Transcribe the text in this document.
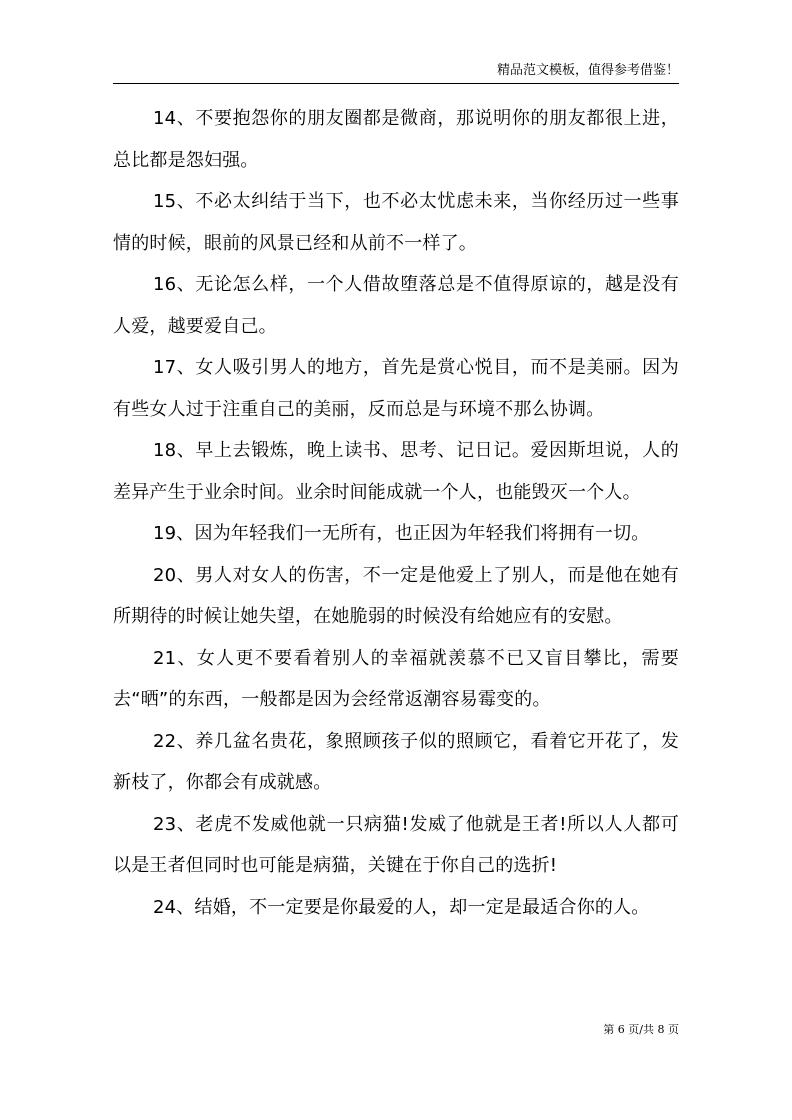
精品范文模板，值得参考借鉴！

14、不要抱怨你的朋友圈都是微商，那说明你的朋友都很上进，总比都是怨妇强。

15、不必太纠结于当下，也不必太忧虑未来，当你经历过一些事情的时候，眼前的风景已经和从前不一样了。

16、无论怎么样，一个人借故堕落总是不值得原谅的，越是没有人爱，越要爱自己。

17、女人吸引男人的地方，首先是赏心悦目，而不是美丽。因为有些女人过于注重自己的美丽，反而总是与环境不那么协调。

18、早上去锻炼，晚上读书、思考、记日记。爱因斯坦说，人的差异产生于业余时间。业余时间能成就一个人，也能毁灭一个人。

19、因为年轻我们一无所有，也正因为年轻我们将拥有一切。

20、男人对女人的伤害，不一定是他爱上了别人，而是他在她有所期待的时候让她失望，在她脆弱的时候没有给她应有的安慰。

21、女人更不要看着别人的幸福就羡慕不已又盲目攀比，需要去“晒”的东西，一般都是因为会经常返潮容易霉变的。

22、养几盆名贵花，象照顾孩子似的照顾它，看着它开花了，发新枝了，你都会有成就感。

23、老虎不发威他就一只病猫!发威了他就是王者!所以人人都可以是王者但同时也可能是病猫，关键在于你自己的选折!

24、结婚，不一定要是你最爱的人，却一定是最适合你的人。

第 6 页/共 8 页
